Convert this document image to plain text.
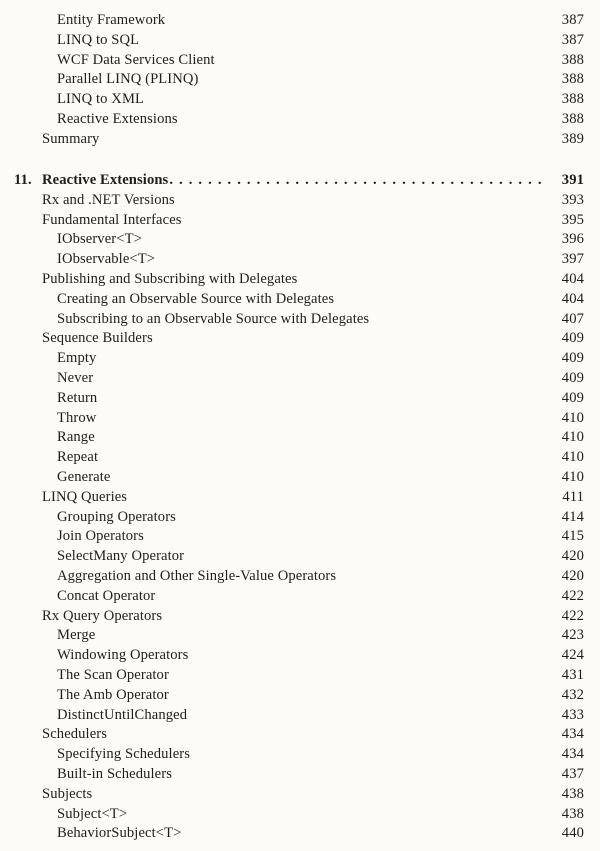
Entity Framework	387
LINQ to SQL	387
WCF Data Services Client	388
Parallel LINQ (PLINQ)	388
LINQ to XML	388
Reactive Extensions	388
Summary	389
11. Reactive Extensions . . .	391
Rx and .NET Versions	393
Fundamental Interfaces	395
IObserver<T>	396
IObservable<T>	397
Publishing and Subscribing with Delegates	404
Creating an Observable Source with Delegates	404
Subscribing to an Observable Source with Delegates	407
Sequence Builders	409
Empty	409
Never	409
Return	409
Throw	410
Range	410
Repeat	410
Generate	410
LINQ Queries	411
Grouping Operators	414
Join Operators	415
SelectMany Operator	420
Aggregation and Other Single-Value Operators	420
Concat Operator	422
Rx Query Operators	422
Merge	423
Windowing Operators	424
The Scan Operator	431
The Amb Operator	432
DistinctUntilChanged	433
Schedulers	434
Specifying Schedulers	434
Built-in Schedulers	437
Subjects	438
Subject<T>	438
BehaviorSubject<T>	440
